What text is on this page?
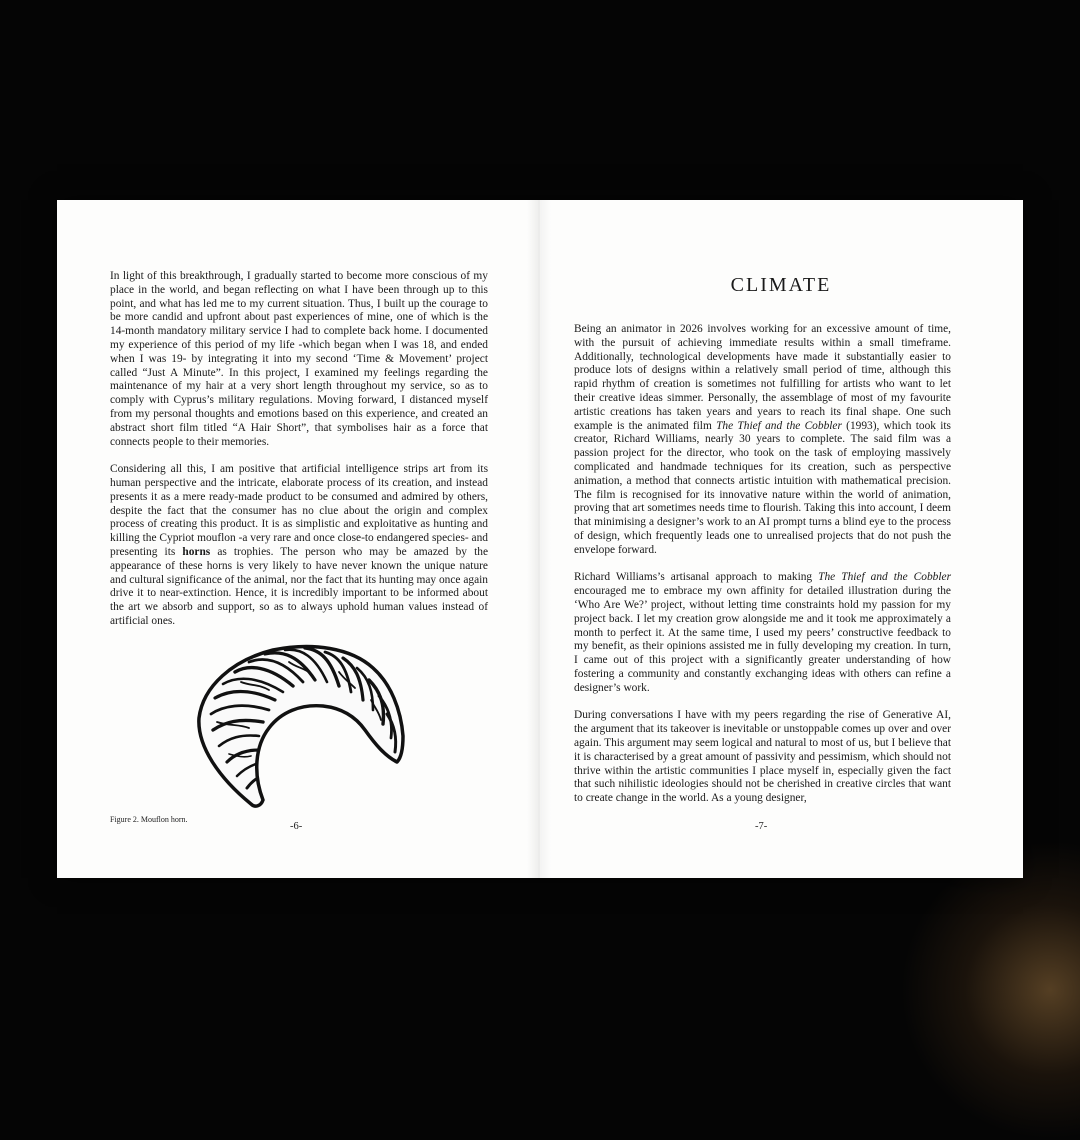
In light of this breakthrough, I gradually started to become more conscious of my place in the world, and began reflecting on what I have been through up to this point, and what has led me to my current situation. Thus, I built up the courage to be more candid and upfront about past experiences of mine, one of which is the 14-month mandatory military service I had to complete back home. I documented my experience of this period of my life -which began when I was 18, and ended when I was 19- by integrating it into my second ‘Time & Movement’ project called “Just A Minute”. In this project, I examined my feelings regarding the maintenance of my hair at a very short length throughout my service, so as to comply with Cyprus’s military regulations. Moving forward, I distanced myself from my personal thoughts and emotions based on this experience, and created an abstract short film titled “A Hair Short”, that symbolises hair as a force that connects people to their memories.

Considering all this, I am positive that artificial intelligence strips art from its human perspective and the intricate, elaborate process of its creation, and instead presents it as a mere ready-made product to be consumed and admired by others, despite the fact that the consumer has no clue about the origin and complex process of creating this product. It is as simplistic and exploitative as hunting and killing the Cypriot mouflon -a very rare and once close-to endangered species- and presenting its horns as trophies. The person who may be amazed by the appearance of these horns is very likely to have never known the unique nature and cultural significance of the animal, nor the fact that its hunting may once again drive it to near-extinction. Hence, it is incredibly important to be informed about the art we absorb and support, so as to always uphold human values instead of artificial ones.

Figure 2. Mouflon horn.
-6-
CLIMATE

Being an animator in 2026 involves working for an excessive amount of time, with the pursuit of achieving immediate results within a small timeframe. Additionally, technological developments have made it substantially easier to produce lots of designs within a relatively small period of time, although this rapid rhythm of creation is sometimes not fulfilling for artists who want to let their creative ideas simmer. Personally, the assemblage of most of my favourite artistic creations has taken years and years to reach its final shape. One such example is the animated film The Thief and the Cobbler (1993), which took its creator, Richard Williams, nearly 30 years to complete. The said film was a passion project for the director, who took on the task of employing massively complicated and handmade techniques for its creation, such as perspective animation, a method that connects artistic intuition with mathematical precision. The film is recognised for its innovative nature within the world of animation, proving that art sometimes needs time to flourish. Taking this into account, I deem that minimising a designer’s work to an AI prompt turns a blind eye to the process of design, which frequently leads one to unrealised projects that do not push the envelope forward.

Richard Williams’s artisanal approach to making The Thief and the Cobbler encouraged me to embrace my own affinity for detailed illustration during the ‘Who Are We?’ project, without letting time constraints hold my passion for my project back. I let my creation grow alongside me and it took me approximately a month to perfect it. At the same time, I used my peers’ constructive feedback to my benefit, as their opinions assisted me in fully developing my creation. In turn, I came out of this project with a significantly greater understanding of how fostering a community and constantly exchanging ideas with others can refine a designer’s work.

During conversations I have with my peers regarding the rise of Generative AI, the argument that its takeover is inevitable or unstoppable comes up over and over again. This argument may seem logical and natural to most of us, but I believe that it is characterised by a great amount of passivity and pessimism, which should not thrive within the artistic communities I place myself in, especially given the fact that such nihilistic ideologies should not be cherished in creative circles that want to create change in the world. As a young designer,

-7-
